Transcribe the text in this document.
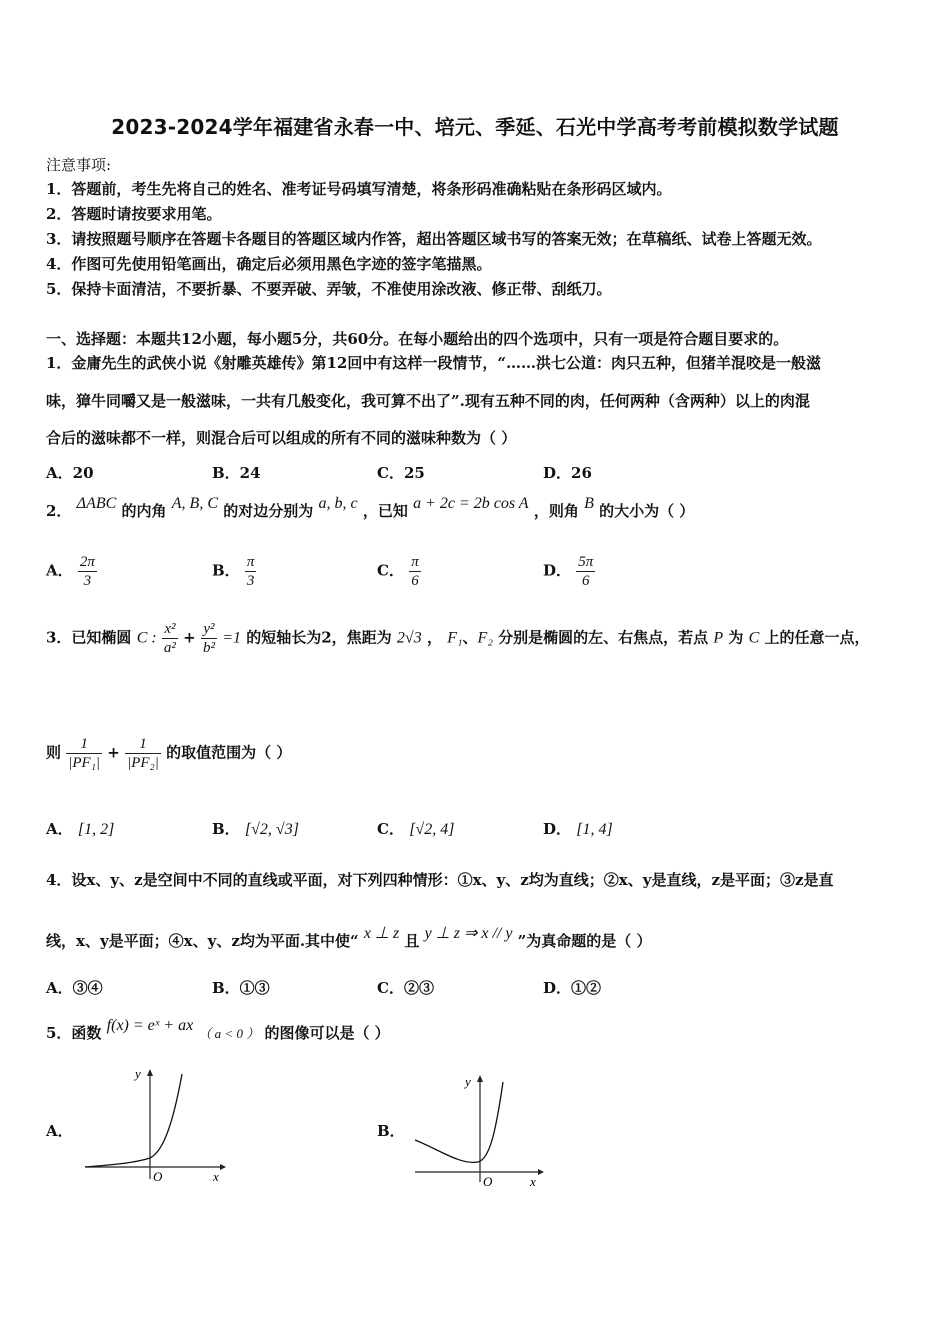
2023-2024学年福建省永春一中、培元、季延、石光中学高考考前模拟数学试题
注意事项:
1．答题前，考生先将自己的姓名、准考证号码填写清楚，将条形码准确粘贴在条形码区域内。
2．答题时请按要求用笔。
3．请按照题号顺序在答题卡各题目的答题区域内作答，超出答题区域书写的答案无效；在草稿纸、试卷上答题无效。
4．作图可先使用铅笔画出，确定后必须用黑色字迹的签字笔描黑。
5．保持卡面清洁，不要折暴、不要弄破、弄皱，不准使用涂改液、修正带、刮纸刀。
一、选择题：本题共12小题，每小题5分，共60分。在每小题给出的四个选项中，只有一项是符合题目要求的。
1．金庸先生的武侠小说《射雕英雄传》第12回中有这样一段情节，“……洪七公道：肉只五种，但猪羊混咬是一般滋
味，獐牛同嚼又是一般滋味，一共有几般变化，我可算不出了”.现有五种不同的肉，任何两种（含两种）以上的肉混
合后的滋味都不一样，则混合后可以组成的所有不同的滋味种数为（ ）
A．20	B．24	C．25	D．26
2． ΔABC 的内角 A, B, C 的对边分别为 a, b, c ，已知 a + 2c = 2b cos A ，则角 B 的大小为（ ）
A． $\frac{2\pi}{3}$	B． $\frac{\pi}{3}$	C． $\frac{\pi}{6}$	D． $\frac{5\pi}{6}$
3．已知椭圆 C : $\frac{\text{x²}}{\text{a²}} + \frac{\text{y²}}{\text{b²}} =1$ 的短轴长为2，焦距为 2√3 ， F₁、F₂ 分别是椭圆的左、右焦点，若点 P 为 C 上的任意一点，
则 $\frac{1}{\text{|PF₁|}} + \frac{1}{\text{|PF₂|}}$ 的取值范围为（ ）
A． [1, 2]	B． [√2, √3]	C． [√2, 4]	D． [1, 4]
4．设x、y、z是空间中不同的直线或平面，对下列四种情形：①x、y、z均为直线；②x、y是直线，z是平面；③z是直
线，x、y是平面；④x、y、z均为平面.其中使“ x ⊥ z 且 y ⊥ z ⇒ x // y ”为真命题的是（ ）
A．③④	B．①③	C．②③	D．①②
5．函数 f(x) = eˣ + ax （ a < 0 ） 的图像可以是（ ）
A．
y
x
O
B．
y
x
O
